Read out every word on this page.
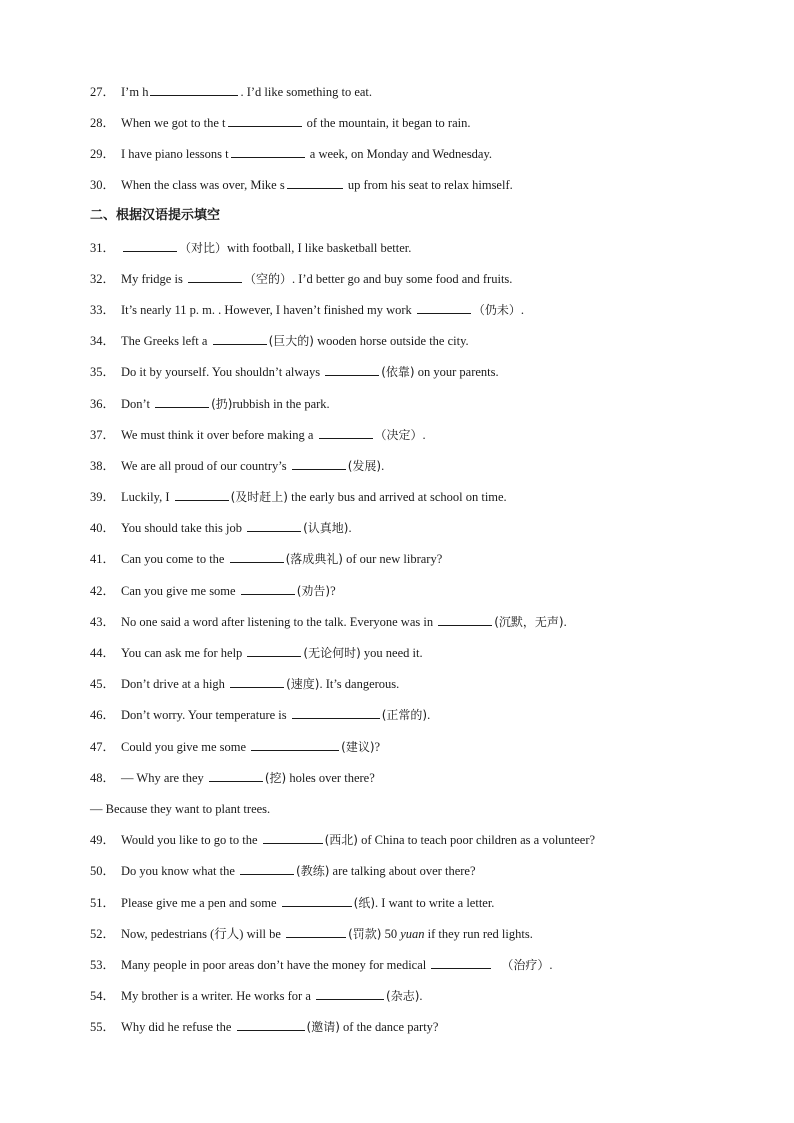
27． I’m h	. I’d like something to eat.
28． When we got to the t	of the mountain, it began to rain.
29． I have piano lessons t	a week, on Monday and Wednesday.
30． When the class was over, Mike s	up from his seat to relax himself.
二、根据汉语提示填空
31．	（对比）with football, I like basketball better.
32． My fridge is	（空的）. I’d better go and buy some food and fruits.
33． It’s nearly 11 p. m. . However, I haven’t finished my work	（仍未）.
34． The Greeks left a	(巨大的) wooden horse outside the city.
35． Do it by yourself. You shouldn’t always	(依靠) on your parents.
36． Don’t	(扔)rubbish in the park.
37． We must think it over before making a	（决定）.
38． We are all proud of our country’s	(发展).
39． Luckily, I	(及时赶上) the early bus and arrived at school on time.
40． You should take this job	(认真地).
41． Can you come to the	(落成典礼) of our new library?
42． Can you give me some	(劝告)?
43． No one said a word after listening to the talk. Everyone was in	(沉默，无声).
44． You can ask me for help	(无论何时) you need it.
45． Don’t drive at a high	(速度). It’s dangerous.
46． Don’t worry. Your temperature is	(正常的).
47． Could you give me some	(建议)?
48． — Why are they	(挖) holes over there?
— Because they want to plant trees.
49． Would you like to go to the	(西北) of China to teach poor children as a volunteer?
50． Do you know what the	(教练) are talking about over there?
51． Please give me a pen and some	(纸). I want to write a letter.
52． Now, pedestrians (行人) will be	(罚款) 50 yuan if they run red lights.
53． Many people in poor areas don’t have the money for medical	（治疗）.
54． My brother is a writer. He works for a	(杂志).
55． Why did he refuse the	(邀请) of the dance party?
